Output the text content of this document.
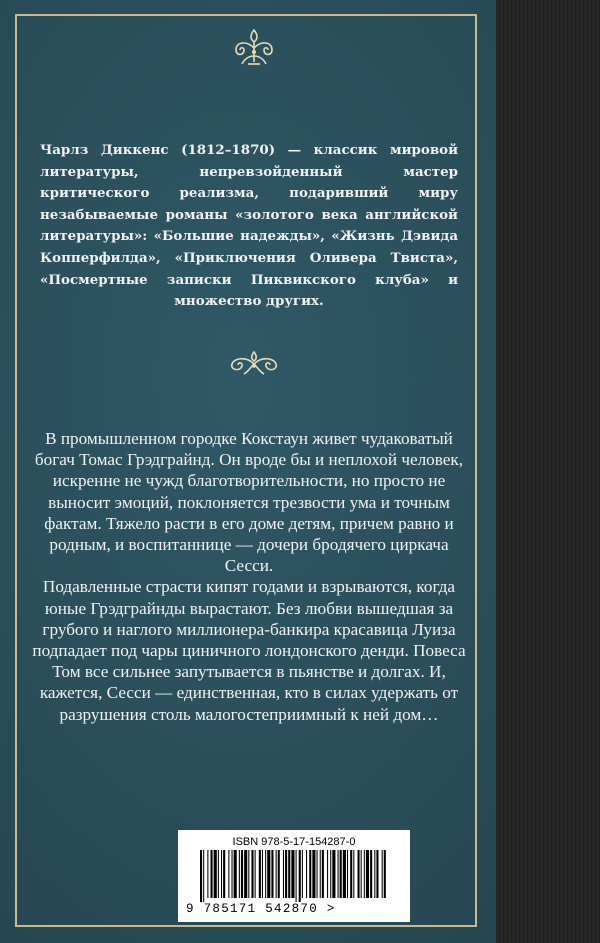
Чарлз Диккенс (1812–1870) — классик мировой литературы, непревзойденный мастер критического реализма, подаривший миру незабываемые романы «золотого века английской литературы»: «Большие надежды», «Жизнь Дэвида Копперфилда», «Приключения Оливера Твиста», «Посмертные записки Пиквикского клуба» и множество других.

В промышленном городке Кокстаун живет чудаковатый богач Томас Грэдграйнд. Он вроде бы и неплохой человек, искренне не чужд благотворительности, но просто не выносит эмоций, поклоняется трезвости ума и точным фактам. Тяжело расти в его доме детям, причем равно и родным, и воспитаннице — дочери бродячего циркача Сесси.

Подавленные страсти кипят годами и взрываются, когда юные Грэдграйнды вырастают. Без любви вышедшая за грубого и наглого миллионера-банкира красавица Луиза подпадает под чары циничного лондонского денди. Повеса Том все сильнее запутывается в пьянстве и долгах. И, кажется, Сесси — единственная, кто в силах удержать от разрушения столь малогостеприимный к ней дом…

ISBN 978-5-17-154287-0
9 785171 542870 >
